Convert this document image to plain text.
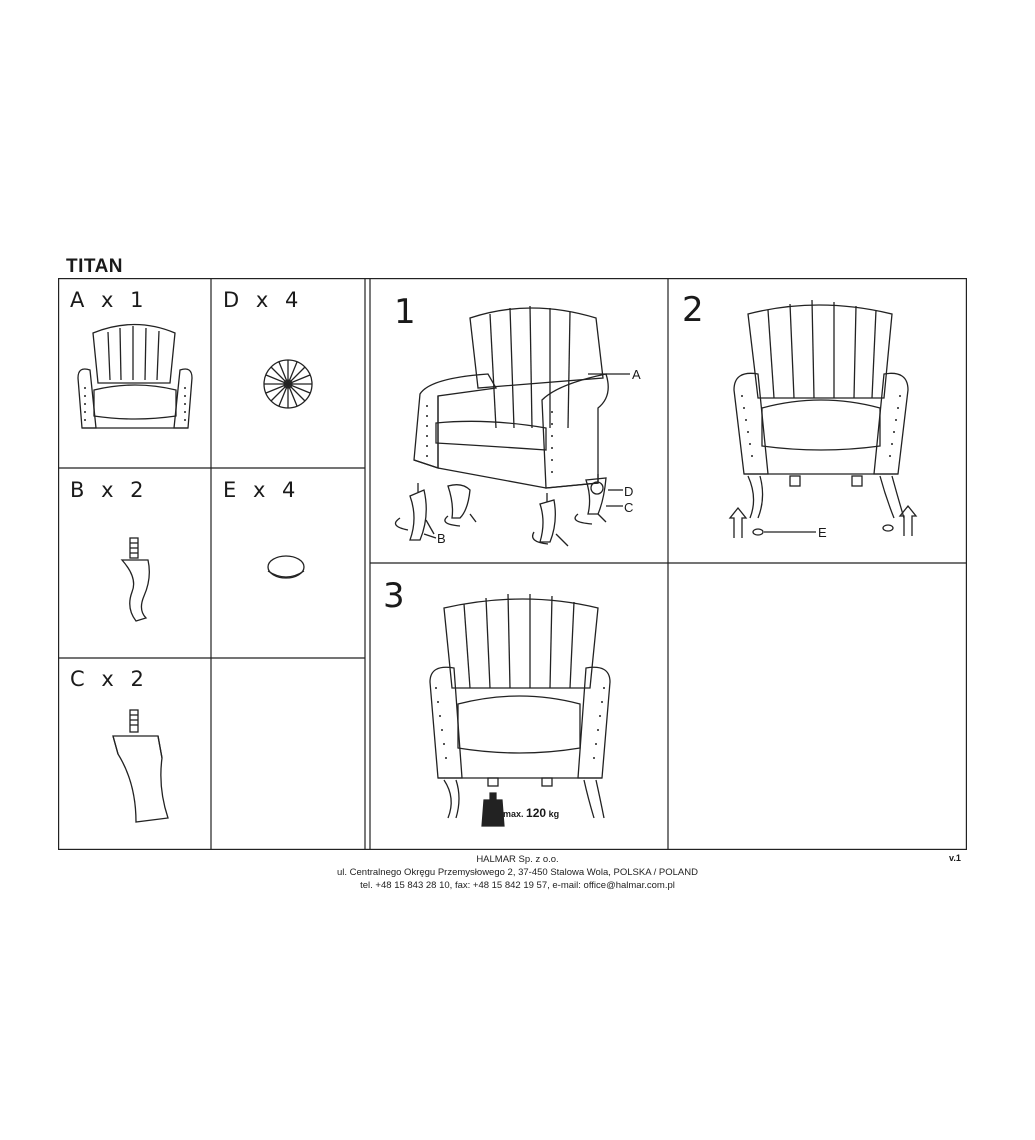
TITAN
A x 1	D x 4
B x 2	E x 4
C x 2
1	2
3
A
D
C
B	E
max. 120 kg
HALMAR Sp. z o.o.
ul. Centralnego Okręgu Przemysłowego 2, 37-450 Stalowa Wola, POLSKA / POLAND
tel. +48 15 843 28 10, fax: +48 15 842 19 57, e-mail: office@halmar.com.pl
v.1
